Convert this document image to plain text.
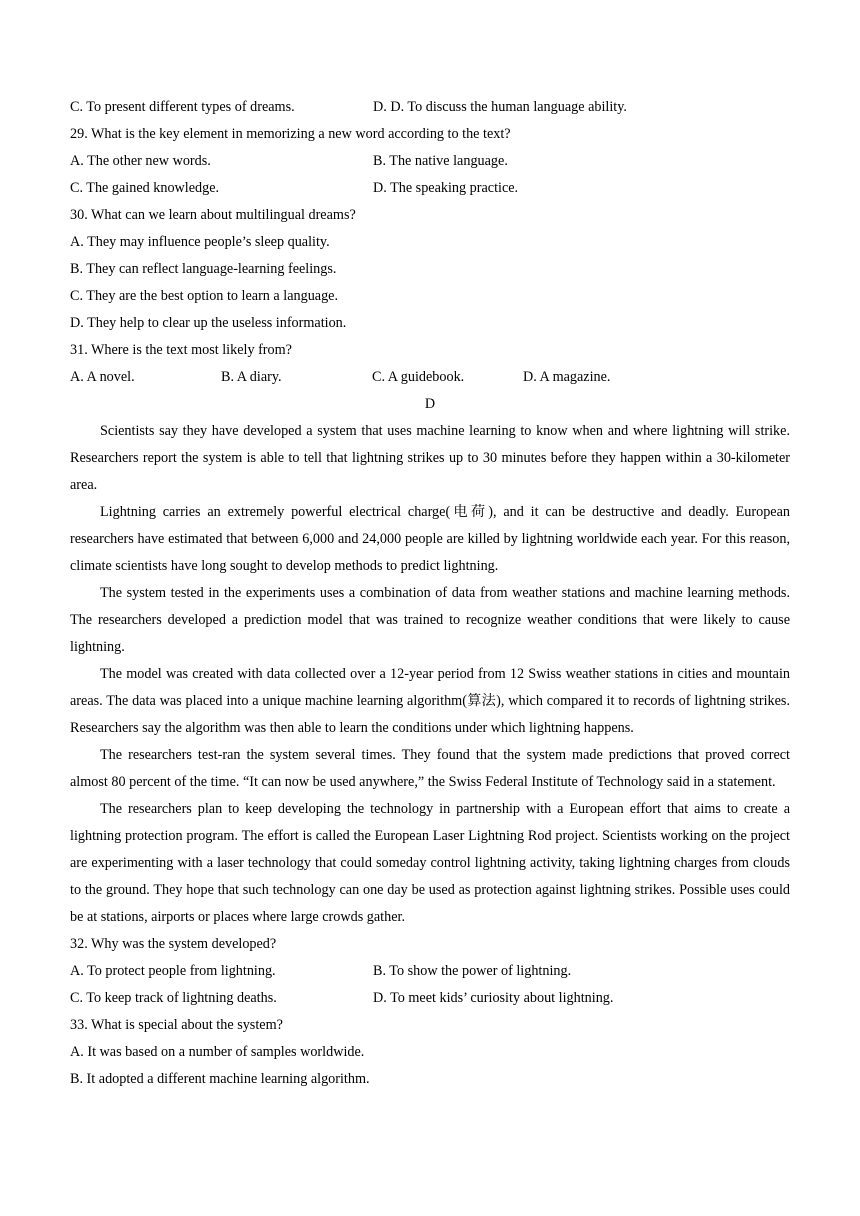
C. To present different types of dreams.	D. D. To discuss the human language ability.
29. What is the key element in memorizing a new word according to the text?
A. The other new words.	B. The native language.
C. The gained knowledge.	D. The speaking practice.
30. What can we learn about multilingual dreams?
A. They may influence people’s sleep quality.
B. They can reflect language-learning feelings.
C. They are the best option to learn a language.
D. They help to clear up the useless information.
31. Where is the text most likely from?
A. A novel.	B. A diary.	C. A guidebook.	D. A magazine.
D

Scientists say they have developed a system that uses machine learning to know when and where lightning will strike. Researchers report the system is able to tell that lightning strikes up to 30 minutes before they happen within a 30-kilometer area.

Lightning carries an extremely powerful electrical charge(电荷), and it can be destructive and deadly. European researchers have estimated that between 6,000 and 24,000 people are killed by lightning worldwide each year. For this reason, climate scientists have long sought to develop methods to predict lightning.

The system tested in the experiments uses a combination of data from weather stations and machine learning methods. The researchers developed a prediction model that was trained to recognize weather conditions that were likely to cause lightning.

The model was created with data collected over a 12-year period from 12 Swiss weather stations in cities and mountain areas. The data was placed into a unique machine learning algorithm(算法), which compared it to records of lightning strikes. Researchers say the algorithm was then able to learn the conditions under which lightning happens.

The researchers test-ran the system several times. They found that the system made predictions that proved correct almost 80 percent of the time. “It can now be used anywhere,” the Swiss Federal Institute of Technology said in a statement.

The researchers plan to keep developing the technology in partnership with a European effort that aims to create a lightning protection program. The effort is called the European Laser Lightning Rod project. Scientists working on the project are experimenting with a laser technology that could someday control lightning activity, taking lightning charges from clouds to the ground. They hope that such technology can one day be used as protection against lightning strikes. Possible uses could be at stations, airports or places where large crowds gather.

32. Why was the system developed?
A. To protect people from lightning.	B. To show the power of lightning.
C. To keep track of lightning deaths.	D. To meet kids’ curiosity about lightning.
33. What is special about the system?
A. It was based on a number of samples worldwide.
B. It adopted a different machine learning algorithm.
